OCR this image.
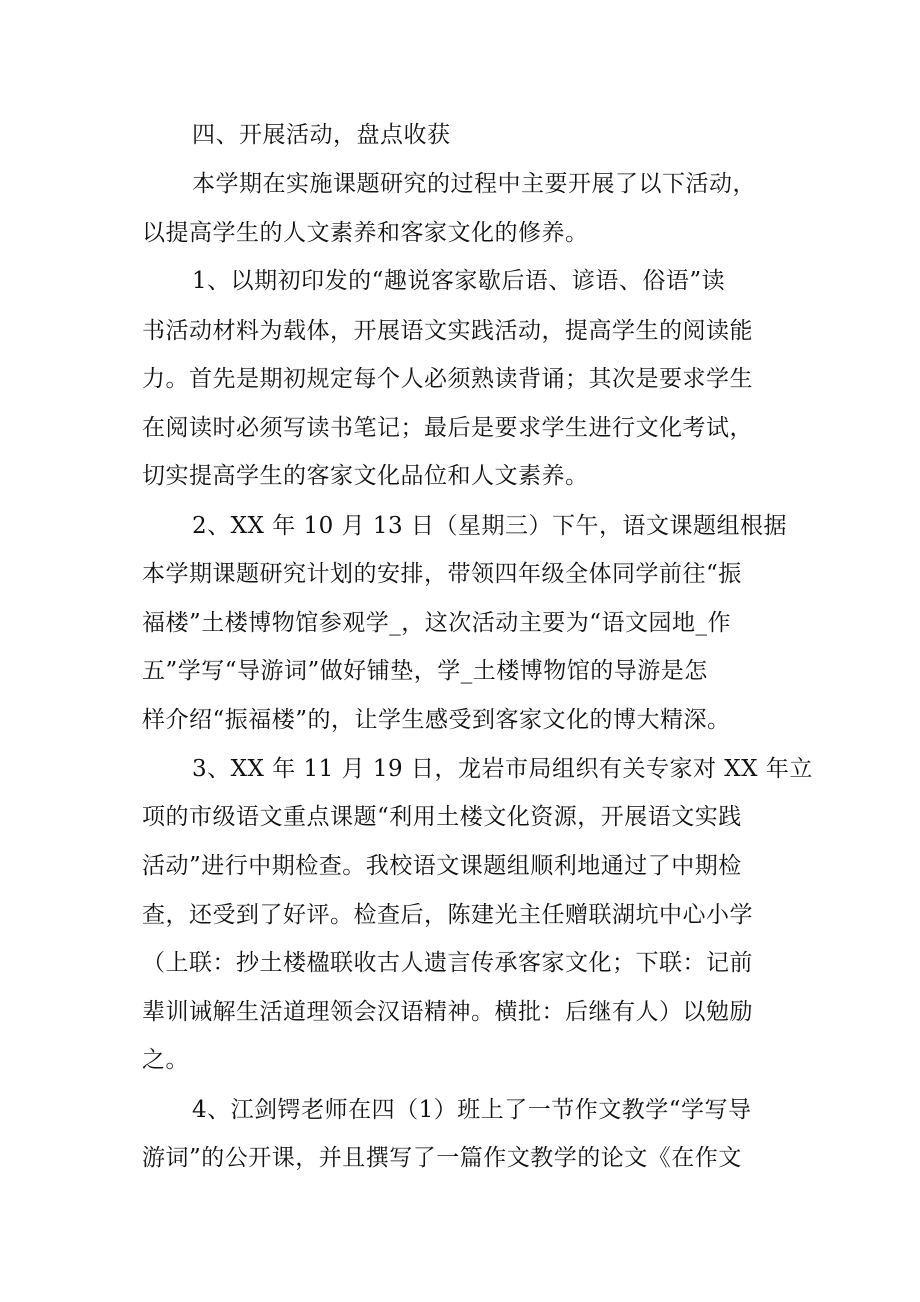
四、开展活动，盘点收获
本学期在实施课题研究的过程中主要开展了以下活动，
以提高学生的人文素养和客家文化的修养。
1、以期初印发的“趣说客家歇后语、谚语、俗语”读
书活动材料为载体，开展语文实践活动，提高学生的阅读能
力。首先是期初规定每个人必须熟读背诵；其次是要求学生
在阅读时必须写读书笔记；最后是要求学生进行文化考试，
切实提高学生的客家文化品位和人文素养。
2、XX 年 10 月 13 日（星期三）下午，语文课题组根据
本学期课题研究计划的安排，带领四年级全体同学前往“振
福楼”土楼博物馆参观学_，这次活动主要为“语文园地_作
五”学写“导游词”做好铺垫，学_土楼博物馆的导游是怎
样介绍“振福楼”的，让学生感受到客家文化的博大精深。
3、XX 年 11 月 19 日，龙岩市局组织有关专家对 XX 年立
项的市级语文重点课题“利用土楼文化资源，开展语文实践
活动”进行中期检查。我校语文课题组顺利地通过了中期检
查，还受到了好评。检查后，陈建光主任赠联湖坑中心小学
（上联：抄土楼楹联收古人遗言传承客家文化；下联：记前
辈训诫解生活道理领会汉语精神。横批：后继有人）以勉励
之。
4、江剑锷老师在四（1）班上了一节作文教学“学写导
游词”的公开课，并且撰写了一篇作文教学的论文《在作文
